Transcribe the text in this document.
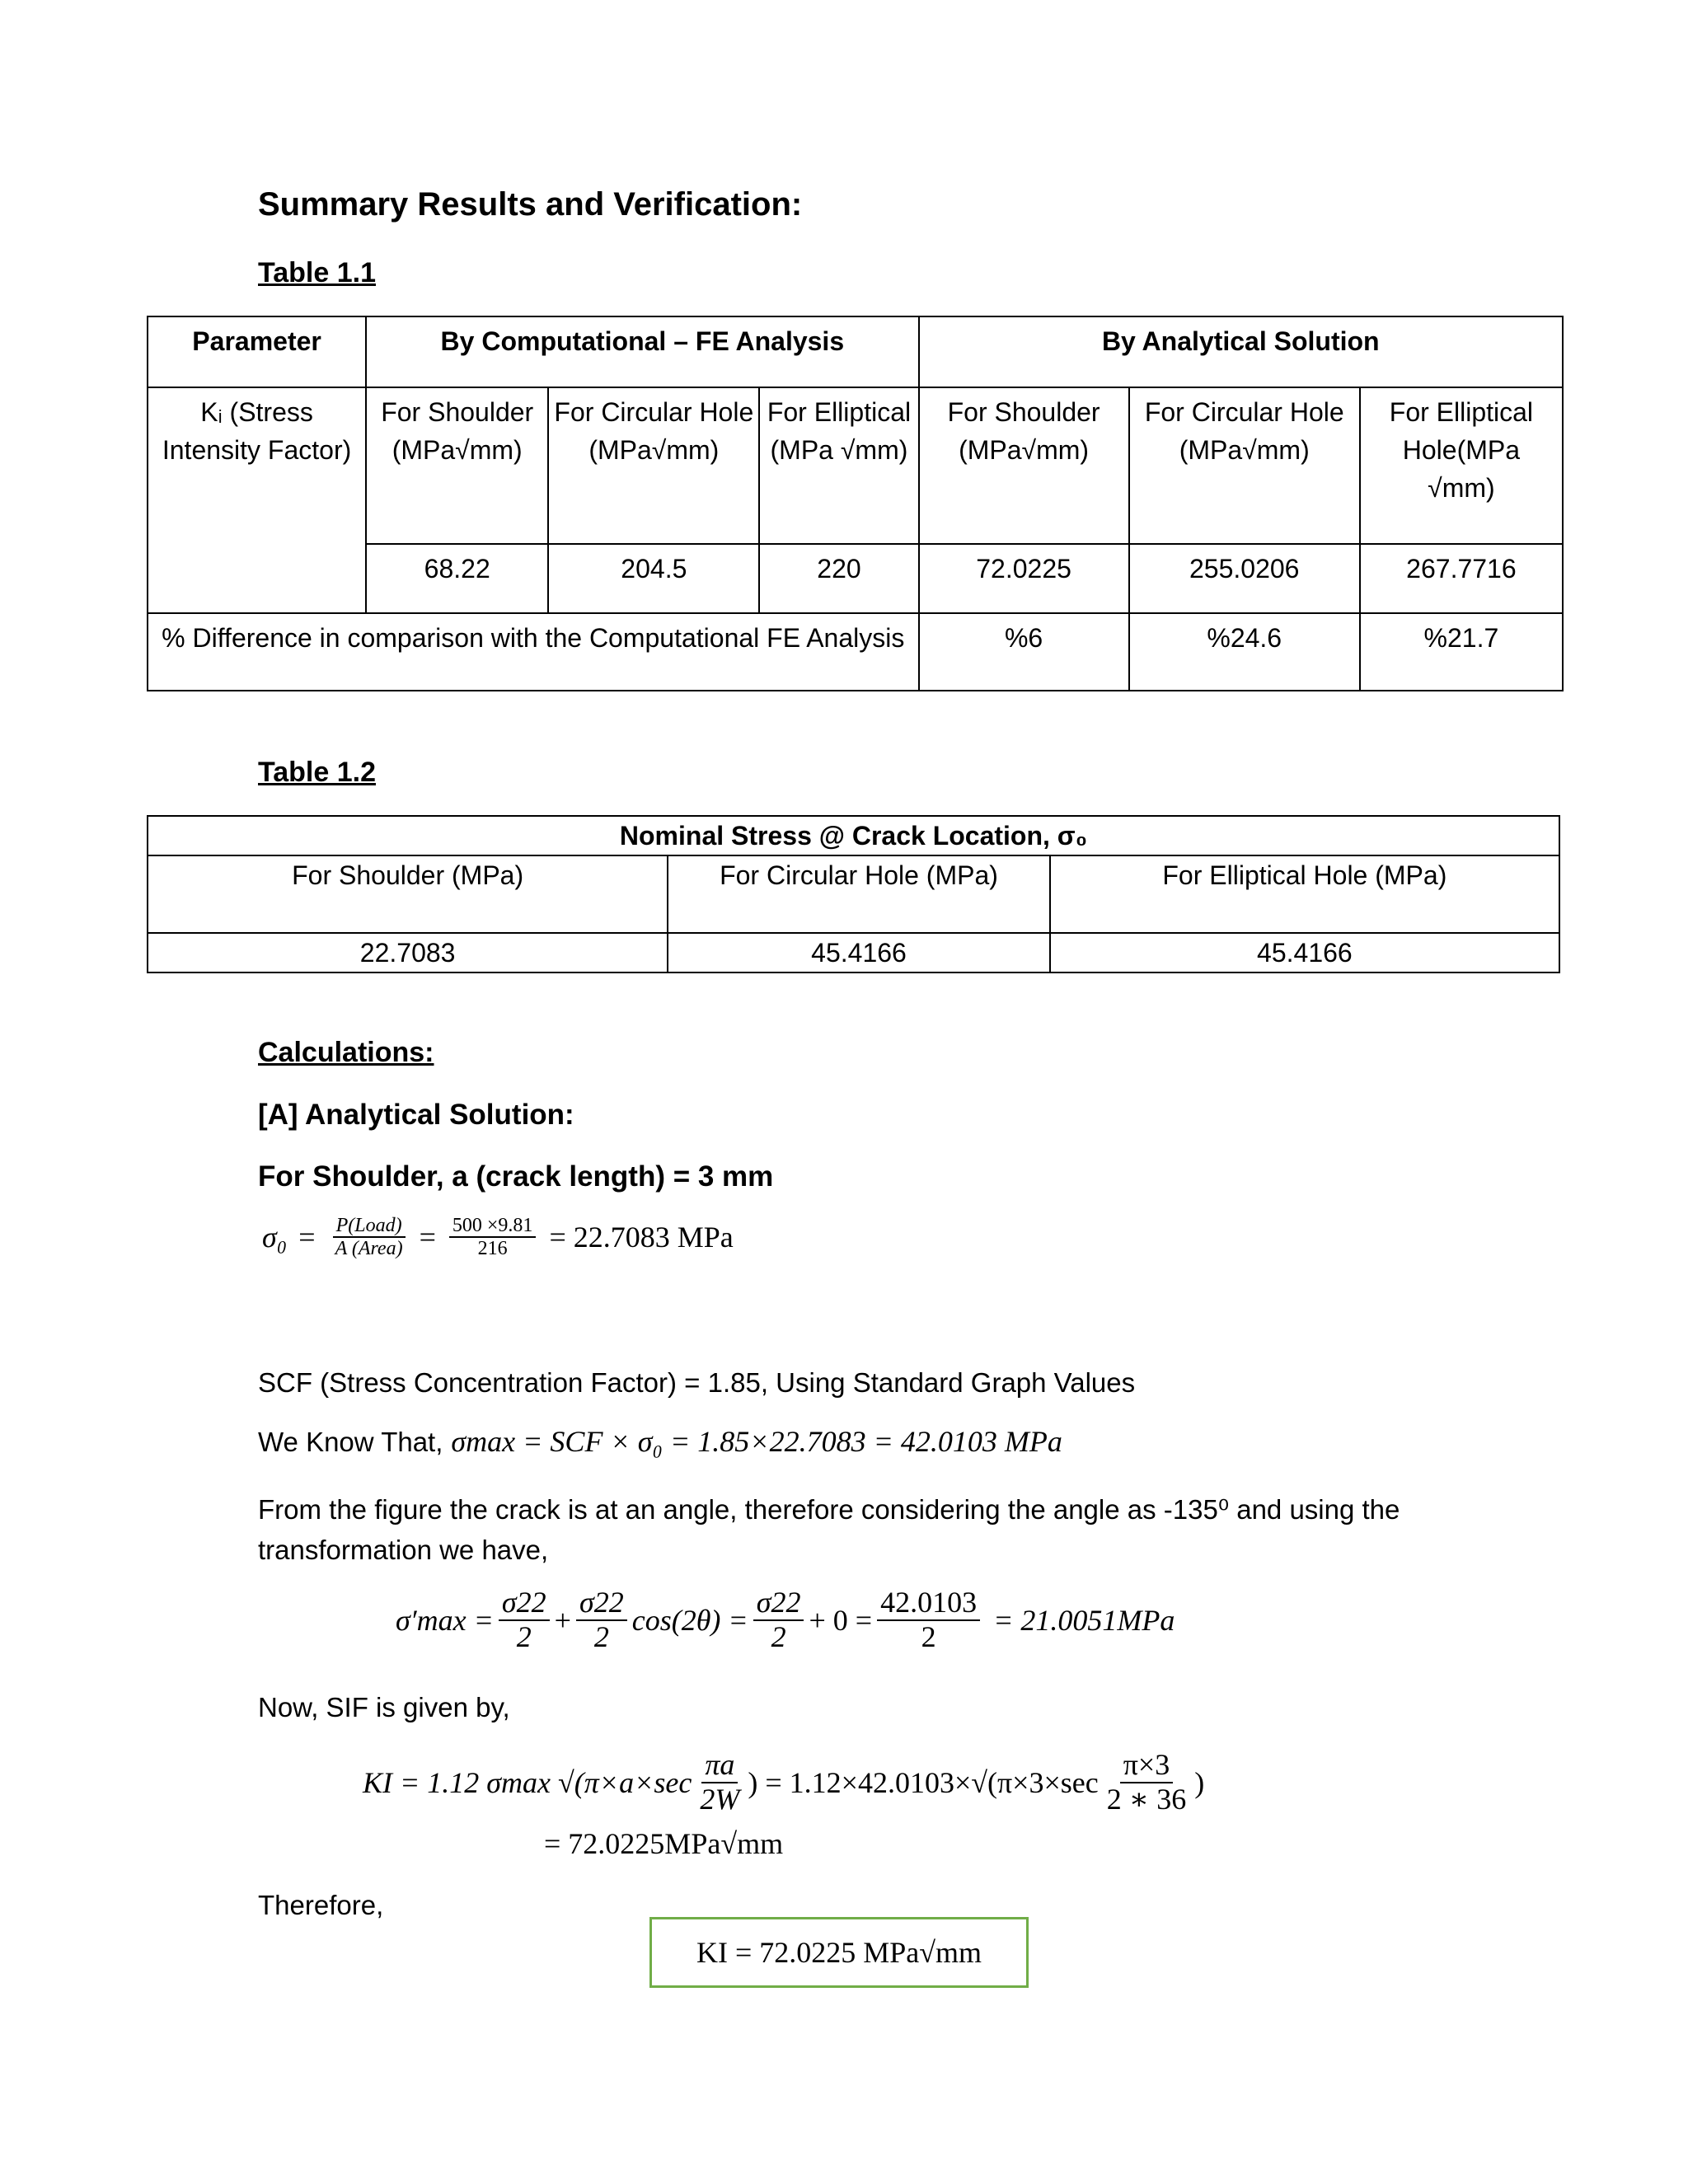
Summary Results and Verification:
Table 1.1
Parameter	By Computational – FE Analysis			By Analytical Solution		
Kᵢ (Stress Intensity Factor)	For Shoulder (MPa√mm)	For Circular Hole (MPa√mm)	For Elliptical (MPa √mm)	For Shoulder (MPa√mm)	For Circular Hole (MPa√mm)	For Elliptical Hole(MPa √mm)
	68.22	204.5	220	72.0225	255.0206	267.7716
% Difference in comparison with the Computational FE Analysis				%6	%24.6	%21.7
Table 1.2
Nominal Stress @ Crack Location, σ₀		
For Shoulder (MPa)	For Circular Hole (MPa)	For Elliptical Hole (MPa)
22.7083	45.4166	45.4166
Calculations:
[A] Analytical Solution:
For Shoulder, a (crack length) = 3 mm
$\sigma_0 = \frac{\text{P(Load)}}{\text{A (Area)}} = \frac{500 \times 9.81}{216} = 22.7083$ MPa
SCF (Stress Concentration Factor) = 1.85, Using Standard Graph Values
We Know That, σmax = SCF × σ₀ = 1.85×22.7083 = 42.0103 MPa
From the figure the crack is at an angle, therefore considering the angle as -135⁰ and using the transformation we have,
$\sigma'\max = \frac{\sigma 22}{2} + \frac{\sigma 22}{2} \cos(2\theta) = \frac{\sigma 22}{2} + 0 = \frac{42.0103}{2} = 21.0051MPa$
Now, SIF is given by,
KI = 1.12 σmax $√(\pi\times a\times\sec \frac{\pi a}{2W}$ ) = $1.12\times 42.0103\times√(\pi\times 3\times\sec \frac{\pi\times 3}{2 ∗ 36}$ )
= 72.0225MPa√mm
Therefore,
KI = 72.0225 MPa√mm
